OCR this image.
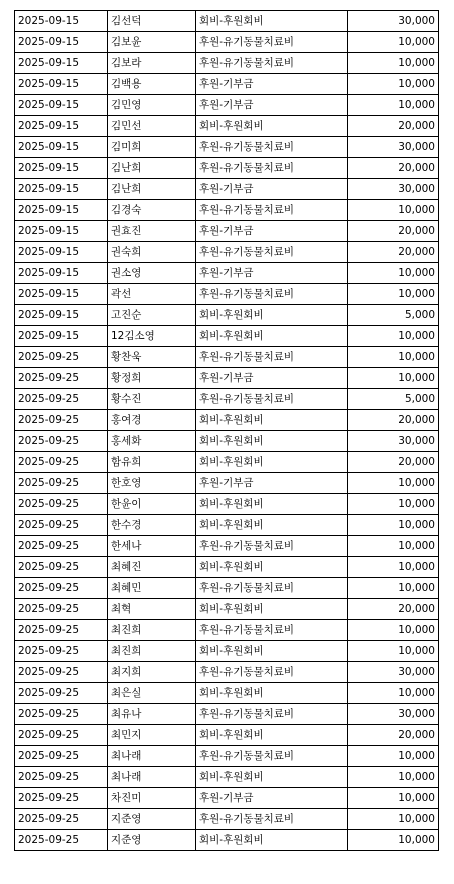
2025-09-15	김선덕	회비-후원회비	30,000
2025-09-15	김보윤	후원-유기동물치료비	10,000
2025-09-15	김보라	후원-유기동물치료비	10,000
2025-09-15	김백용	후원-기부금	10,000
2025-09-15	김민영	후원-기부금	10,000
2025-09-15	김민선	회비-후원회비	20,000
2025-09-15	김미희	후원-유기동물치료비	30,000
2025-09-15	김난희	후원-유기동물치료비	20,000
2025-09-15	김난희	후원-기부금	30,000
2025-09-15	김경숙	후원-유기동물치료비	10,000
2025-09-15	권효진	후원-기부금	20,000
2025-09-15	권숙희	후원-유기동물치료비	20,000
2025-09-15	권소영	후원-기부금	10,000
2025-09-15	곽선	후원-유기동물치료비	10,000
2025-09-15	고진순	회비-후원회비	5,000
2025-09-15	12김소영	회비-후원회비	10,000
2025-09-25	황찬욱	후원-유기동물치료비	10,000
2025-09-25	황정희	후원-기부금	10,000
2025-09-25	황수진	후원-유기동물치료비	5,000
2025-09-25	홍여경	회비-후원회비	20,000
2025-09-25	홍세화	회비-후원회비	30,000
2025-09-25	함유희	회비-후원회비	20,000
2025-09-25	한호영	후원-기부금	10,000
2025-09-25	한윤이	회비-후원회비	10,000
2025-09-25	한수경	회비-후원회비	10,000
2025-09-25	한세나	후원-유기동물치료비	10,000
2025-09-25	최혜진	회비-후원회비	10,000
2025-09-25	최혜민	후원-유기동물치료비	10,000
2025-09-25	최혁	회비-후원회비	20,000
2025-09-25	최진희	후원-유기동물치료비	10,000
2025-09-25	최진희	회비-후원회비	10,000
2025-09-25	최지희	후원-유기동물치료비	30,000
2025-09-25	최은실	회비-후원회비	10,000
2025-09-25	최유나	후원-유기동물치료비	30,000
2025-09-25	최민지	회비-후원회비	20,000
2025-09-25	최나래	후원-유기동물치료비	10,000
2025-09-25	최나래	회비-후원회비	10,000
2025-09-25	차진미	후원-기부금	10,000
2025-09-25	지준영	후원-유기동물치료비	10,000
2025-09-25	지준영	회비-후원회비	10,000
